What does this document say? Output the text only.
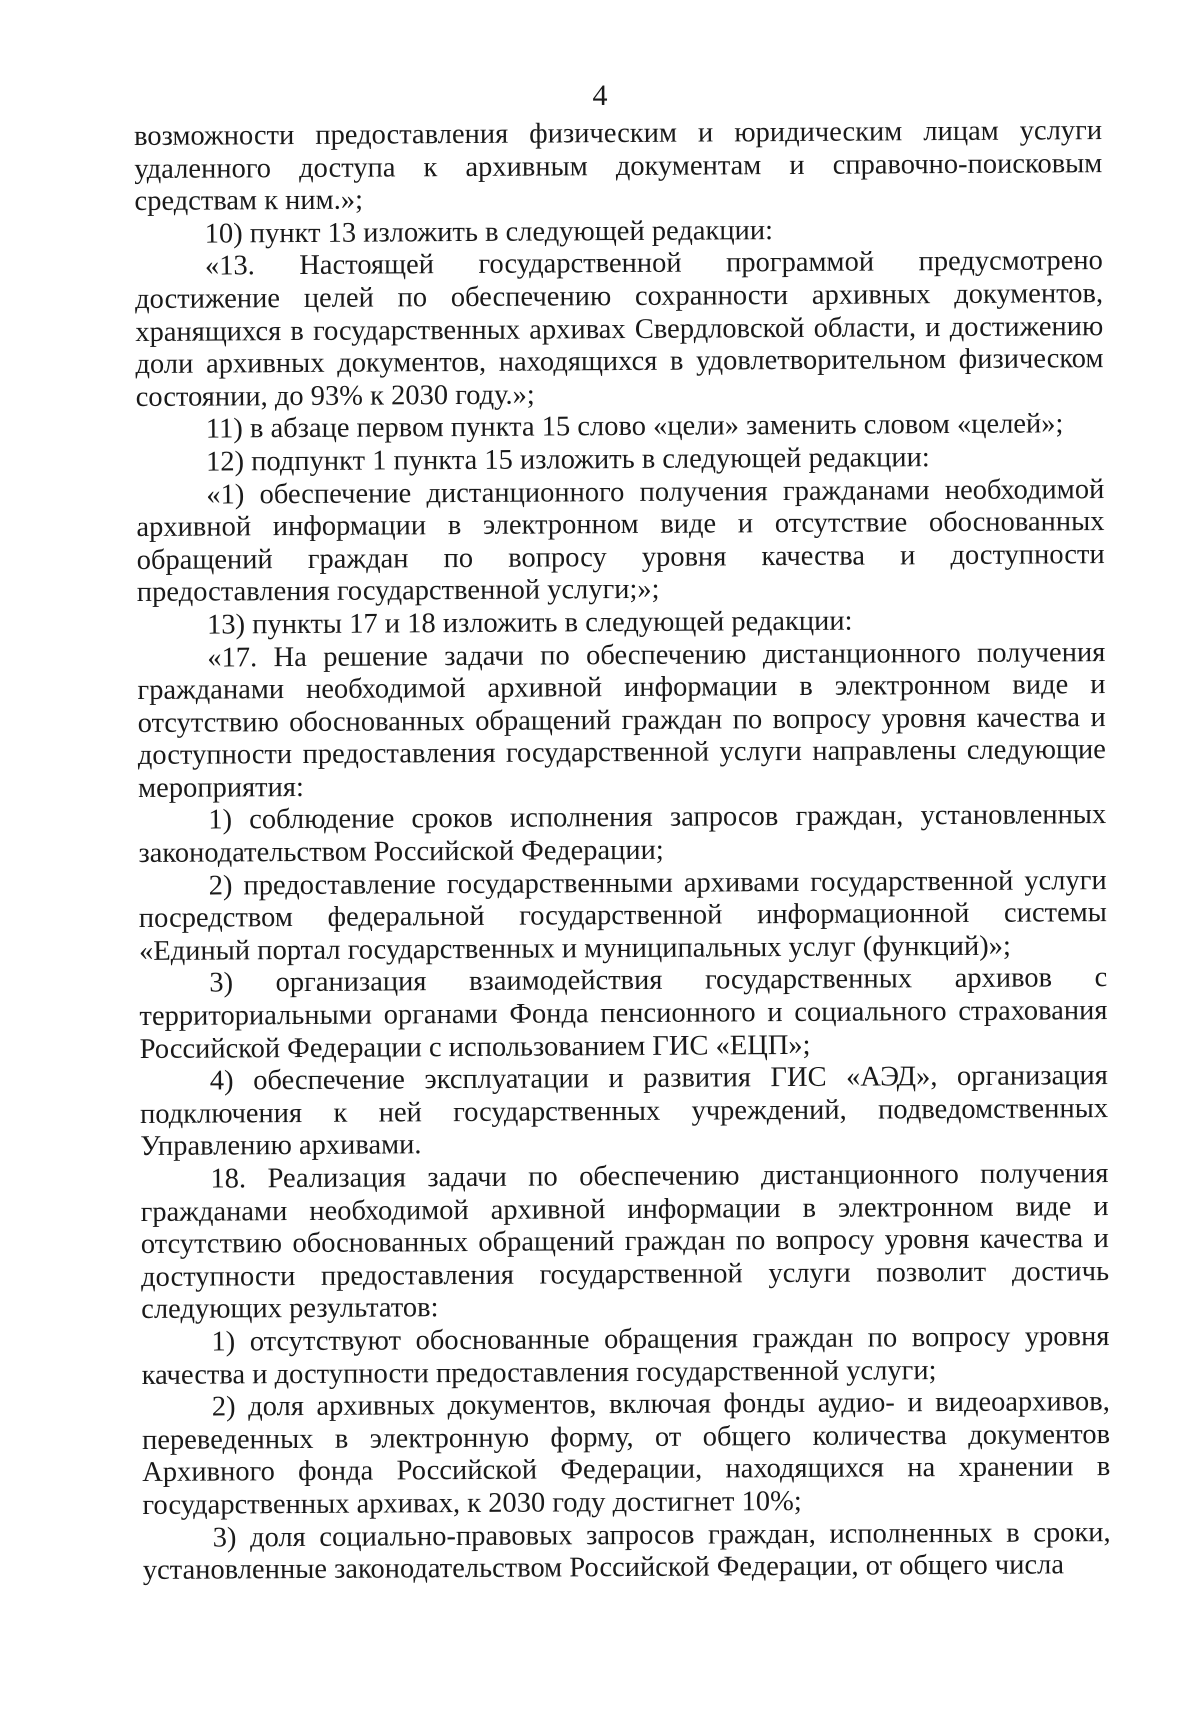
4

возможности предоставления физическим и юридическим лицам услуги удаленного доступа к архивным документам и справочно-поисковым средствам к ним.»;

10) пункт 13 изложить в следующей редакции:

«13. Настоящей государственной программой предусмотрено достижение целей по обеспечению сохранности архивных документов, хранящихся в государственных архивах Свердловской области, и достижению доли архивных документов, находящихся в удовлетворительном физическом состоянии, до 93% к 2030 году.»;

11) в абзаце первом пункта 15 слово «цели» заменить словом «целей»;

12) подпункт 1 пункта 15 изложить в следующей редакции:

«1) обеспечение дистанционного получения гражданами необходимой архивной информации в электронном виде и отсутствие обоснованных обращений граждан по вопросу уровня качества и доступности предоставления государственной услуги;»;

13) пункты 17 и 18 изложить в следующей редакции:

«17. На решение задачи по обеспечению дистанционного получения гражданами необходимой архивной информации в электронном виде и отсутствию обоснованных обращений граждан по вопросу уровня качества и доступности предоставления государственной услуги направлены следующие мероприятия:

1) соблюдение сроков исполнения запросов граждан, установленных законодательством Российской Федерации;

2) предоставление государственными архивами государственной услуги посредством федеральной государственной информационной системы «Единый портал государственных и муниципальных услуг (функций)»;

3) организация взаимодействия государственных архивов с территориальными органами Фонда пенсионного и социального страхования Российской Федерации с использованием ГИС «ЕЦП»;

4) обеспечение эксплуатации и развития ГИС «АЭД», организация подключения к ней государственных учреждений, подведомственных Управлению архивами.

18. Реализация задачи по обеспечению дистанционного получения гражданами необходимой архивной информации в электронном виде и отсутствию обоснованных обращений граждан по вопросу уровня качества и доступности предоставления государственной услуги позволит достичь следующих результатов:

1) отсутствуют обоснованные обращения граждан по вопросу уровня качества и доступности предоставления государственной услуги;

2) доля архивных документов, включая фонды аудио- и видеоархивов, переведенных в электронную форму, от общего количества документов Архивного фонда Российской Федерации, находящихся на хранении в государственных архивах, к 2030 году достигнет 10%;

3) доля социально-правовых запросов граждан, исполненных в сроки, установленные законодательством Российской Федерации, от общего числа
